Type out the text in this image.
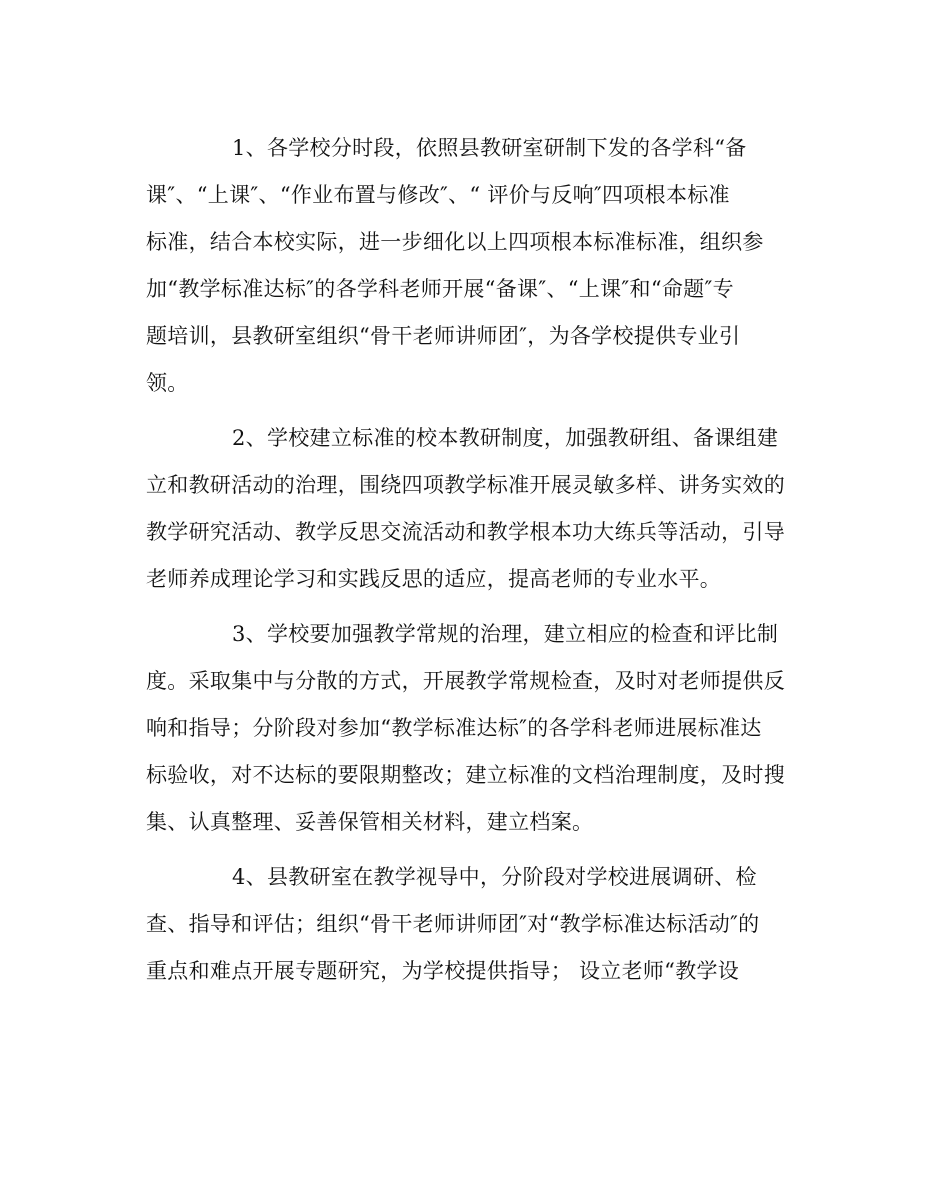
1、各学校分时段，依照县教研室研制下发的各学科“备
课″、“上课″、“作业布置与修改″、“ 评价与反响″四项根本标准
标准，结合本校实际，进一步细化以上四项根本标准标准，组织参
加“教学标准达标″的各学科老师开展“备课″、“上课″和“命题″专
题培训，县教研室组织“骨干老师讲师团″，为各学校提供专业引
领。
2、学校建立标准的校本教研制度，加强教研组、备课组建
立和教研活动的治理，围绕四项教学标准开展灵敏多样、讲务实效的
教学研究活动、教学反思交流活动和教学根本功大练兵等活动，引导
老师养成理论学习和实践反思的适应，提高老师的专业水平。
3、学校要加强教学常规的治理，建立相应的检查和评比制
度。采取集中与分散的方式，开展教学常规检查，及时对老师提供反
响和指导；分阶段对参加“教学标准达标″的各学科老师进展标准达
标验收，对不达标的要限期整改；建立标准的文档治理制度，及时搜
集、认真整理、妥善保管相关材料，建立档案。
4、县教研室在教学视导中，分阶段对学校进展调研、检
查、指导和评估；组织“骨干老师讲师团″对“教学标准达标活动″的
重点和难点开展专题研究，为学校提供指导； 设立老师“教学设
